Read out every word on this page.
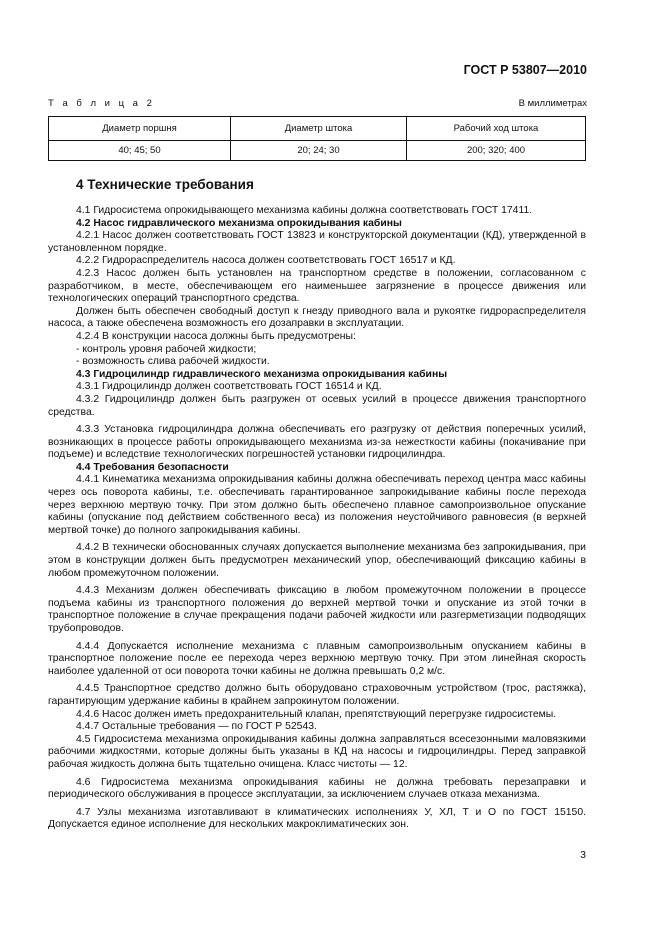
ГОСТ Р 53807—2010
Т а б л и ц а 2	В миллиметрах
Диаметр поршня	Диаметр штока	Рабочий ход штока
40; 45; 50	20; 24; 30	200; 320; 400
4 Технические требования

4.1 Гидросистема опрокидывающего механизма кабины должна соответствовать ГОСТ 17411.

4.2 Насос гидравлического механизма опрокидывания кабины

4.2.1 Насос должен соответствовать ГОСТ 13823 и конструкторской документации (КД), утвержденной в установленном порядке.

4.2.2 Гидрораспределитель насоса должен соответствовать ГОСТ 16517 и КД.

4.2.3 Насос должен быть установлен на транспортном средстве в положении, согласованном с разработчиком, в месте, обеспечивающем его наименьшее загрязнение в процессе движения или технологических операций транспортного средства.

Должен быть обеспечен свободный доступ к гнезду приводного вала и рукоятке гидрораспределителя насоса, а также обеспечена возможность его дозаправки в эксплуатации.

4.2.4 В конструкции насоса должны быть предусмотрены:

- контроль уровня рабочей жидкости;

- возможность слива рабочей жидкости.

4.3 Гидроцилиндр гидравлического механизма опрокидывания кабины

4.3.1 Гидроцилиндр должен соответствовать ГОСТ 16514 и КД.

4.3.2 Гидроцилиндр должен быть разгружен от осевых усилий в процессе движения транспортного средства.

4.3.3 Установка гидроцилиндра должна обеспечивать его разгрузку от действия поперечных усилий, возникающих в процессе работы опрокидывающего механизма из-за нежесткости кабины (покачивание при подъеме) и вследствие технологических погрешностей установки гидроцилиндра.

4.4 Требования безопасности

4.4.1 Кинематика механизма опрокидывания кабины должна обеспечивать переход центра масс кабины через ось поворота кабины, т.е. обеспечивать гарантированное запрокидывание кабины после перехода через верхнюю мертвую точку. При этом должно быть обеспечено плавное самопроизвольное опускание кабины (опускание под действием собственного веса) из положения неустойчивого равновесия (в верхней мертвой точке) до полного запрокидывания кабины.

4.4.2 В технически обоснованных случаях допускается выполнение механизма без запрокидывания, при этом в конструкции должен быть предусмотрен механический упор, обеспечивающий фиксацию кабины в любом промежуточном положении.

4.4.3 Механизм должен обеспечивать фиксацию в любом промежуточном положении в процессе подъема кабины из транспортного положения до верхней мертвой точки и опускание из этой точки в транспортное положение в случае прекращения подачи рабочей жидкости или разгерметизации подводящих трубопроводов.

4.4.4 Допускается исполнение механизма с плавным самопроизвольным опусканием кабины в транспортное положение после ее перехода через верхнюю мертвую точку. При этом линейная скорость наиболее удаленной от оси поворота точки кабины не должна превышать 0,2 м/с.

4.4.5 Транспортное средство должно быть оборудовано страховочным устройством (трос, растяжка), гарантирующим удержание кабины в крайнем запрокинутом положении.

4.4.6 Насос должен иметь предохранительный клапан, препятствующий перегрузке гидросистемы.

4.4.7 Остальные требования — по ГОСТ Р 52543.

4.5 Гидросистема механизма опрокидывания кабины должна заправляться всесезонными маловязкими рабочими жидкостями, которые должны быть указаны в КД на насосы и гидроцилиндры. Перед заправкой рабочая жидкость должна быть тщательно очищена. Класс чистоты — 12.

4.6 Гидросистема механизма опрокидывания кабины не должна требовать перезаправки и периодического обслуживания в процессе эксплуатации, за исключением случаев отказа механизма.

4.7 Узлы механизма изготавливают в климатических исполнениях У, ХЛ, Т и О по ГОСТ 15150. Допускается единое исполнение для нескольких макроклиматических зон.

3
